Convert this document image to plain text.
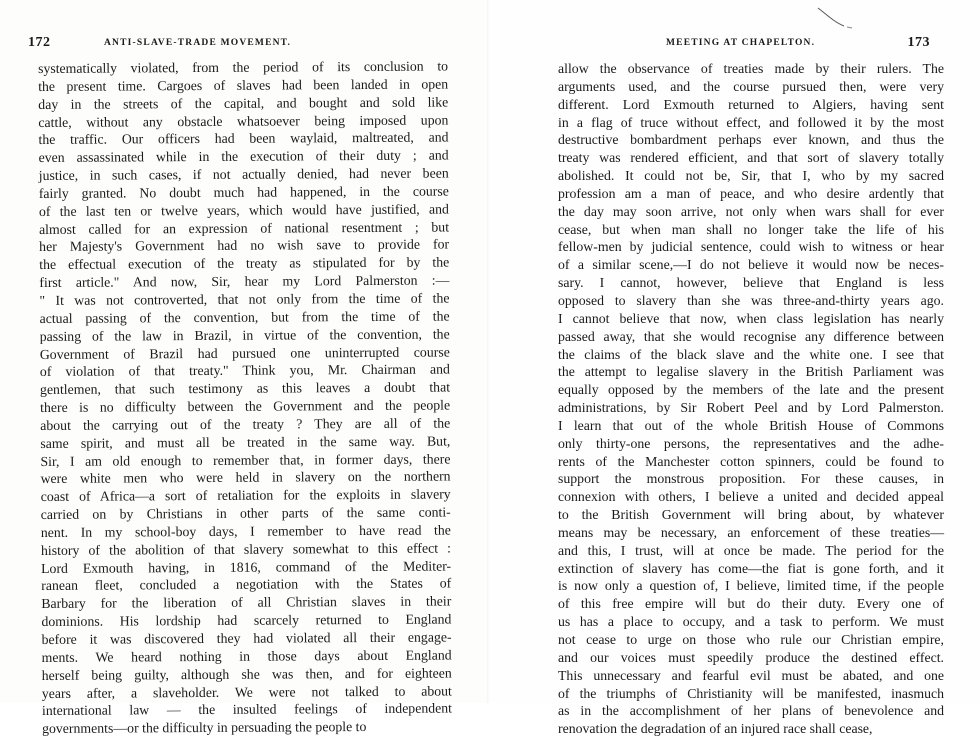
172	ANTI-SLAVE-TRADE MOVEMENT.
systematically violated, from the period of its conclusion to
the present time. Cargoes of slaves had been landed in open
day in the streets of the capital, and bought and sold like
cattle, without any obstacle whatsoever being imposed upon
the traffic. Our officers had been waylaid, maltreated, and
even assassinated while in the execution of their duty ; and
justice, in such cases, if not actually denied, had never been
fairly granted. No doubt much had happened, in the course
of the last ten or twelve years, which would have justified, and
almost called for an expression of national resentment ; but
her Majesty's Government had no wish save to provide for
the effectual execution of the treaty as stipulated for by the
first article." And now, Sir, hear my Lord Palmerston :—
" It was not controverted, that not only from the time of the
actual passing of the convention, but from the time of the
passing of the law in Brazil, in virtue of the convention, the
Government of Brazil had pursued one uninterrupted course
of violation of that treaty." Think you, Mr. Chairman and
gentlemen, that such testimony as this leaves a doubt that
there is no difficulty between the Government and the people
about the carrying out of the treaty ? They are all of the
same spirit, and must all be treated in the same way. But,
Sir, I am old enough to remember that, in former days, there
were white men who were held in slavery on the northern
coast of Africa—a sort of retaliation for the exploits in slavery
carried on by Christians in other parts of the same conti-
nent. In my school-boy days, I remember to have read the
history of the abolition of that slavery somewhat to this effect :
Lord Exmouth having, in 1816, command of the Mediter-
ranean fleet, concluded a negotiation with the States of
Barbary for the liberation of all Christian slaves in their
dominions. His lordship had scarcely returned to England
before it was discovered they had violated all their engage-
ments. We heard nothing in those days about England
herself being guilty, although she was then, and for eighteen
years after, a slaveholder. We were not talked to about
international law — the insulted feelings of independent
governments—or the difficulty in persuading the people to
MEETING AT CHAPELTON.	173
allow the observance of treaties made by their rulers. The
arguments used, and the course pursued then, were very
different. Lord Exmouth returned to Algiers, having sent
in a flag of truce without effect, and followed it by the most
destructive bombardment perhaps ever known, and thus the
treaty was rendered efficient, and that sort of slavery totally
abolished. It could not be, Sir, that I, who by my sacred
profession am a man of peace, and who desire ardently that
the day may soon arrive, not only when wars shall for ever
cease, but when man shall no longer take the life of his
fellow-men by judicial sentence, could wish to witness or hear
of a similar scene,—I do not believe it would now be neces-
sary. I cannot, however, believe that England is less
opposed to slavery than she was three-and-thirty years ago.
I cannot believe that now, when class legislation has nearly
passed away, that she would recognise any difference between
the claims of the black slave and the white one. I see that
the attempt to legalise slavery in the British Parliament was
equally opposed by the members of the late and the present
administrations, by Sir Robert Peel and by Lord Palmerston.
I learn that out of the whole British House of Commons
only thirty-one persons, the representatives and the adhe-
rents of the Manchester cotton spinners, could be found to
support the monstrous proposition. For these causes, in
connexion with others, I believe a united and decided appeal
to the British Government will bring about, by whatever
means may be necessary, an enforcement of these treaties—
and this, I trust, will at once be made. The period for the
extinction of slavery has come—the fiat is gone forth, and it
is now only a question of, I believe, limited time, if the people
of this free empire will but do their duty. Every one of
us has a place to occupy, and a task to perform. We must
not cease to urge on those who rule our Christian empire,
and our voices must speedily produce the destined effect.
This unnecessary and fearful evil must be abated, and one
of the triumphs of Christianity will be manifested, inasmuch
as in the accomplishment of her plans of benevolence and
renovation the degradation of an injured race shall cease,
